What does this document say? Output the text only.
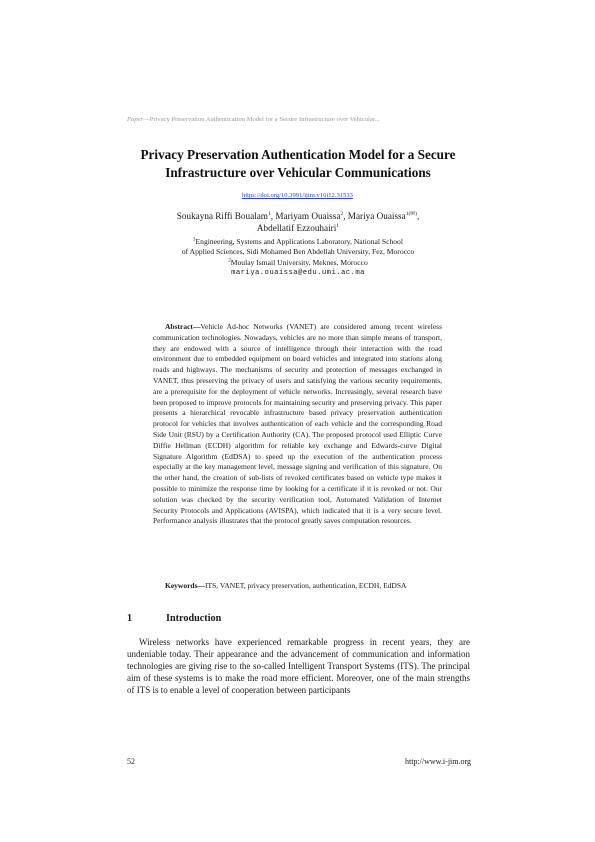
Paper—Privacy Preservation Authentication Model for a Secure Infrastructure over Vehicular...
Privacy Preservation Authentication Model for a Secure
Infrastructure over Vehicular Communications
https://doi.org/10.3991/ijim.v16i12.31533
Soukayna Riffi Boualam$^1$, Mariyam Ouaissa$^2$, Mariya Ouaissa$^{1(✉)}$,
Abdellatif Ezzouhairi$^1$
$^1$Engineering, Systems and Applications Laboratory, National School
of Applied Sciences, Sidi Mohamed Ben Abdellah University, Fez, Morocco
$^2$Moulay Ismail University, Meknes, Morocco
mariya.ouaissa@edu.umi.ac.ma
Abstract—Vehicle Ad-hoc Networks (VANET) are considered among recent wireless communication technologies. Nowadays, vehicles are no more than simple means of transport, they are endowed with a source of intelligence through their interaction with the road environment due to embedded equipment on board vehicles and integrated into stations along roads and highways. The mechanisms of security and protection of messages exchanged in VANET, thus preserving the privacy of users and satisfying the various security requirements, are a prerequisite for the deployment of vehicle networks. Increasingly, several research have been proposed to improve protocols for maintaining security and preserving privacy. This paper presents a hierarchical revocable infrastructure based privacy preservation authentication protocol for vehicles that involves authentication of each vehicle and the corresponding Road Side Unit (RSU) by a Certification Authority (CA). The proposed protocol used Elliptic Curve Diffie Hellman (ECDH) algorithm for reliable key exchange and Edwards-curve Digital Signature Algorithm (EdDSA) to speed up the execution of the authentication process especially at the key management level, message signing and verification of this signature. On the other hand, the creation of sub-lists of revoked certificates based on vehicle type makes it possible to minimize the response time by looking for a certificate if it is revoked or not. Our solution was checked by the security verification tool, Automated Validation of Internet Security Protocols and Applications (AVISPA), which indicated that it is a very secure level. Performance analysis illustrates that the protocol greatly saves computation resources.
Keywords—ITS, VANET, privacy preservation, authentication, ECDH, EdDSA
1	Introduction
Wireless networks have experienced remarkable progress in recent years, they are undeniable today. Their appearance and the advancement of communication and information technologies are giving rise to the so-called Intelligent Transport Systems (ITS). The principal aim of these systems is to make the road more efficient. Moreover, one of the main strengths of ITS is to enable a level of cooperation between participants
52	http://www.i-jim.org
